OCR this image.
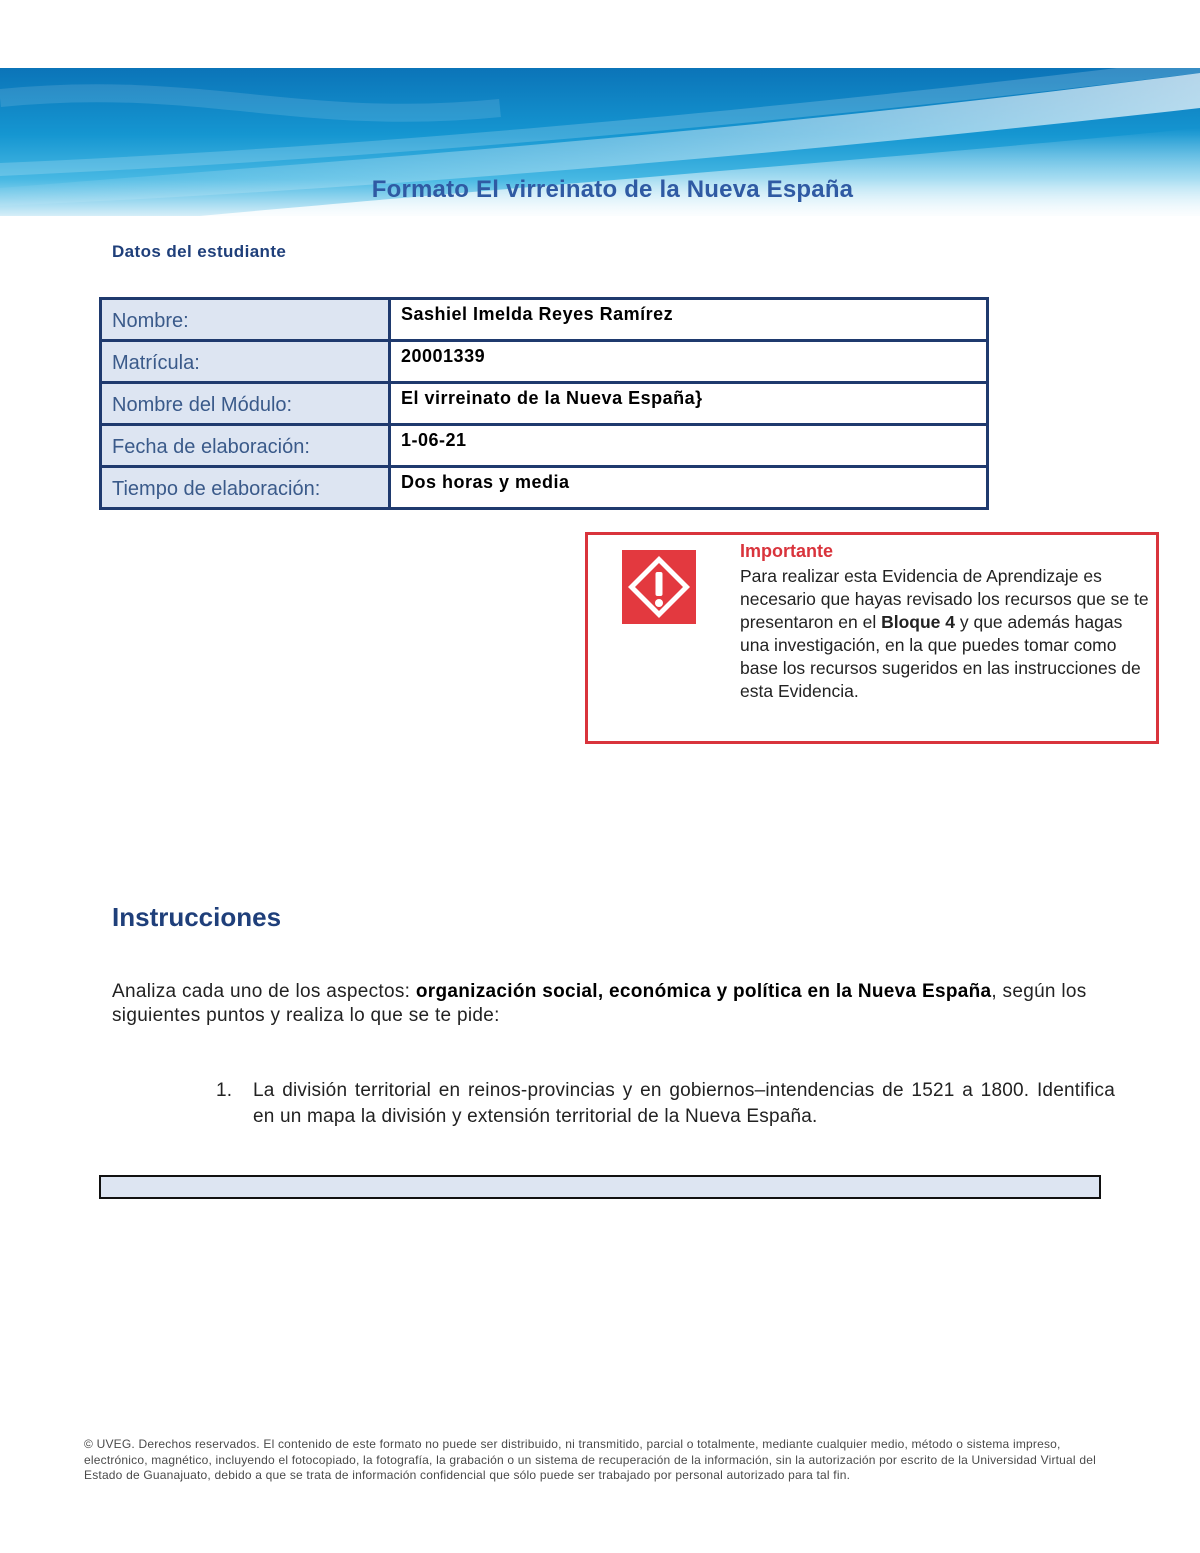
Formato El virreinato de la Nueva España
Datos del estudiante
Nombre:	Sashiel Imelda Reyes Ramírez
Matrícula:	20001339
Nombre del Módulo:	El virreinato de la Nueva España}
Fecha de elaboración:	1-06-21
Tiempo de elaboración:	Dos horas y media
Importante
Para realizar esta Evidencia de Aprendizaje es necesario que hayas revisado los recursos que se te presentaron en el Bloque 4 y que además hagas una investigación, en la que puedes tomar como base los recursos sugeridos en las instrucciones de esta Evidencia.
Instrucciones
Analiza cada uno de los aspectos: organización social, económica y política en la Nueva España, según los siguientes puntos y realiza lo que se te pide:
1. La división territorial en reinos-provincias y en gobiernos–intendencias de 1521 a 1800. Identifica en un mapa la división y extensión territorial de la Nueva España.
© UVEG. Derechos reservados. El contenido de este formato no puede ser distribuido, ni transmitido, parcial o totalmente, mediante cualquier medio, método o sistema impreso, electrónico, magnético, incluyendo el fotocopiado, la fotografía, la grabación o un sistema de recuperación de la información, sin la autorización por escrito de la Universidad Virtual del Estado de Guanajuato, debido a que se trata de información confidencial que sólo puede ser trabajado por personal autorizado para tal fin.
